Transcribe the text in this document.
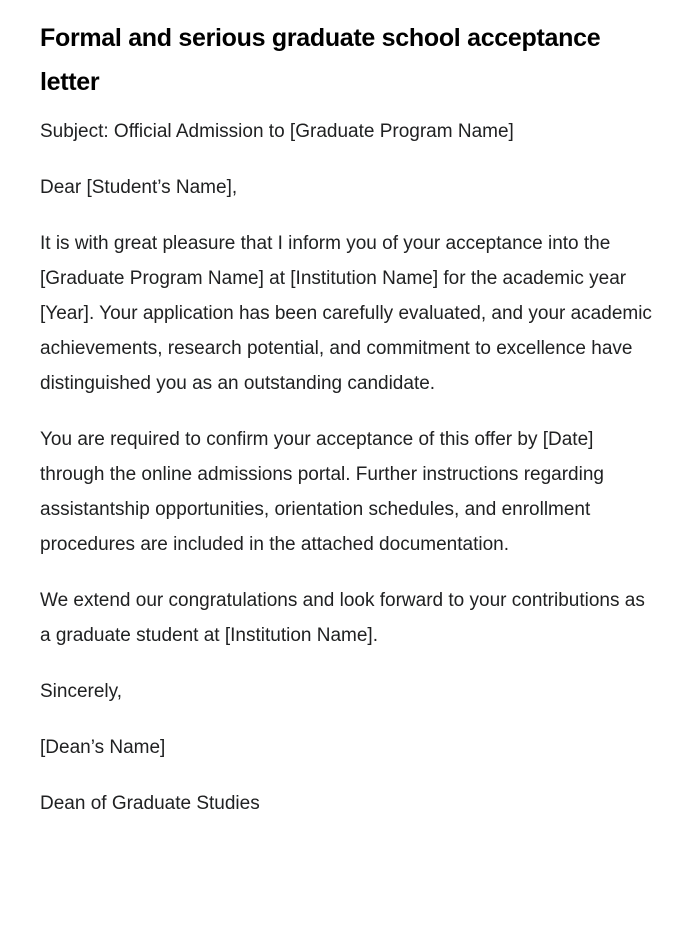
Formal and serious graduate school acceptance letter

Subject: Official Admission to [Graduate Program Name]

Dear [Student’s Name],

It is with great pleasure that I inform you of your acceptance into the [Graduate Program Name] at [Institution Name] for the academic year [Year]. Your application has been carefully evaluated, and your academic achievements, research potential, and commitment to excellence have distinguished you as an outstanding candidate.

You are required to confirm your acceptance of this offer by [Date] through the online admissions portal. Further instructions regarding assistantship opportunities, orientation schedules, and enrollment procedures are included in the attached documentation.

We extend our congratulations and look forward to your contributions as a graduate student at [Institution Name].

Sincerely,

[Dean’s Name]

Dean of Graduate Studies
